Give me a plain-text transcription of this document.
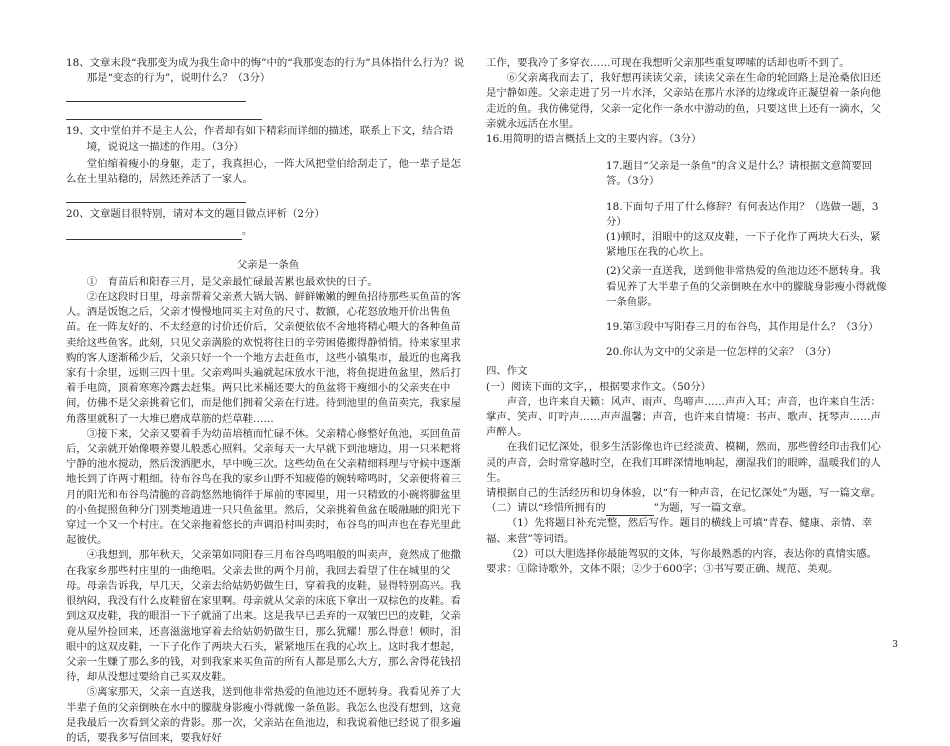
18、文章末段“我那变为成为我生命中的悔”中的“我那变态的行为”具体指什么行为？说那是“变态的行为”，说明什么？（3分）

19、文中堂伯并不是主人公，作者却有如下精彩而详细的描述，联系上下文，结合语境，说说这一描述的作用。（3分）

堂伯缩着瘦小的身躯，走了，我真担心，一阵大风把堂伯给刮走了，他一辈子是怎么在土里站稳的，居然还养活了一家人。

20、文章题目很特别，请对本文的题目做点评析（2分）

。

父亲是一条鱼

①　育苗后和阳春三月，是父亲最忙碌最苦累也最欢快的日子。

②在这段时日里，母亲帮着父亲煮大锅大锅、鲜鲜嫩嫩的鲤鱼招待那些买鱼苗的客人。酒是饭饱之后，父亲才慢慢地同买主对鱼的尺寸、数额，心花怒放地开价出售鱼苗。在一阵友好的、不太经意的讨价还价后，父亲便依依不舍地将精心喂大的各种鱼苗卖给这些鱼客。此刻，只见父亲满脸的欢悦将往日的辛劳困倦搬得静悄悄。待来家里求购的客人逐渐稀少后，父亲只好一个一个地方去赶鱼市，这些小镇集市，最近的也离我家有十余里，远则三四十里。父亲鸡叫头遍就起床放水干池，将鱼捉进鱼盆里，然后打着手电筒，顶着寒寒冷露去赶集。两只比米桶还要大的鱼盆将干瘦细小的父亲夹在中间，仿佛不是父亲挑着它们，而是他们拥着父亲在行进。待到池里的鱼苗卖完，我家屋角落里就积了一大堆已磨成草筋的烂草鞋……

③接下来，父亲又要着手为幼苗培植而忙碌不休。父亲精心修整好鱼池，买回鱼苗后，父亲就开始像喂养婴儿般悉心照料。父亲每天一大早就下到池塘边，用一只米粑将宁静的池水搅动，然后泼洒肥水，早中晚三次。这些幼鱼在父亲精细料理与守候中逐渐地长到了许两寸粗细。待布谷鸟在我的家乡山野不知疲倦的婉转啼鸣时，父亲便将着三月的阳光和布谷鸟清脆的音韵悠然地徜徉于犀前的枣园里，用一只精致的小碗将脚盆里的小鱼捉照鱼种分门别类地逍进一只只鱼盆里。然后，父亲挑着鱼盆在暖融融的阳光下穿过一个又一个村庄。在父亲拖着悠长的声调沿村叫卖时，布谷鸟的叫声也在春光里此起彼伏。

④我想到，那年秋天，父亲第如同阳春三月布谷鸟鸣唱般的叫卖声，竟然成了他撒在我家乡那些村庄里的一曲绝唱。父亲去世的两个月前，我回去看望了住在城里的父母。母亲告诉我，早几天，父亲去给姑奶奶做生日，穿着我的皮鞋，显得特别高兴。我很纳闷，我没有什么皮鞋留在家里啊。母亲就从父亲的床底下拿出一双棕色的皮鞋。看到这双皮鞋，我的眼泪一下子就涌了出来。这是我早已丢弃的一双皱巴巴的皮鞋，父亲竟从屋外捡回来，还喜滋滋地穿着去给姑奶奶做生日，那么犹耀！那么得意！顿时，泪眼中的这双皮鞋，一下子化作了两块大石头，紧紧地压在我的心坎上。这时我才想起，父亲一生赚了那么多的钱，对到我家来买鱼苗的所有人都是那么大方，那么舍得花钱招待，却从没想过要给自己买双皮鞋。

⑤离家那天，父亲一直送我，送到他非常热爱的鱼池边还不愿转身。我看见养了大半辈子鱼的父亲倒映在水中的朦胧身影瘦小得就像一条鱼影。我怎么也没有想到，这竟是我最后一次看到父亲的背影。那一次，父亲站在鱼池边，和我说着他已经说了很多遍的话，要我多写信回来，要我好好

工作，要我冷了多穿衣……可现在我想听父亲那些重复啰嗦的话却也听不到了。

⑥父亲离我而去了，我好想再读读父亲，读读父亲在生命的轮回路上是沧桑依旧还是宁静如莲。父亲走进了另一片水泽，父亲站在那片水泽的边缘或许正凝望着一条向他走近的鱼。我仿佛觉得，父亲一定化作一条水中游动的鱼，只要这世上还有一滴水，父亲就永远活在水里。

16.用简明的语言概括上文的主要内容。（3分）

17.题目“父亲是一条鱼”的含义是什么？请根据文意简要回答。（3分）

18.下面句子用了什么修辞？有何表达作用？（选做一题，3分）

(1)顿时，泪眼中的这双皮鞋，一下子化作了两块大石头，紧紧地压在我的心坎上。

(2)父亲一直送我，送到他非常热爱的鱼池边还不愿转身。我看见养了大半辈子鱼的父亲倒映在水中的朦胧身影瘦小得就像一条鱼影。

19.第③段中写阳春三月的布谷鸟，其作用是什么？（3分）

20.你认为文中的父亲是一位怎样的父亲？（3分）

四、作文

(一）阅读下面的文字，，根据要求作文。（50分）

声音，也许来自天籁：风声、雨声、鸟啼声……声声入耳；声音，也许来自生活：掌声、笑声、叮咛声……声声温馨；声音，也许来自情境：书声、歌声、抚琴声……声声醉人。

在我们记忆深处，很多生活影像也许已经淡黄、模糊，然而，那些曾经印击我们心灵的声音，会时常穿越时空，在我们耳畔深情地响起，潮湿我们的眼眸，温暖我们的人生。

请根据自己的生活经历和切身体验，以“有一种声音，在记忆深处”为题，写一篇文章。

（二）请以“珍惜所拥有的	”为题，写一篇文章。

（1）先将题目补充完整，然后写作。题目的横线上可填“青春、健康、亲情、幸福、来营”等词语。

（2）可以大胆选择你最能驾驭的文体，写你最熟悉的内容，表达你的真情实感。

要求：①除诗歌外，文体不限；②少于600字；③书写要正确、规范、美观。

3
